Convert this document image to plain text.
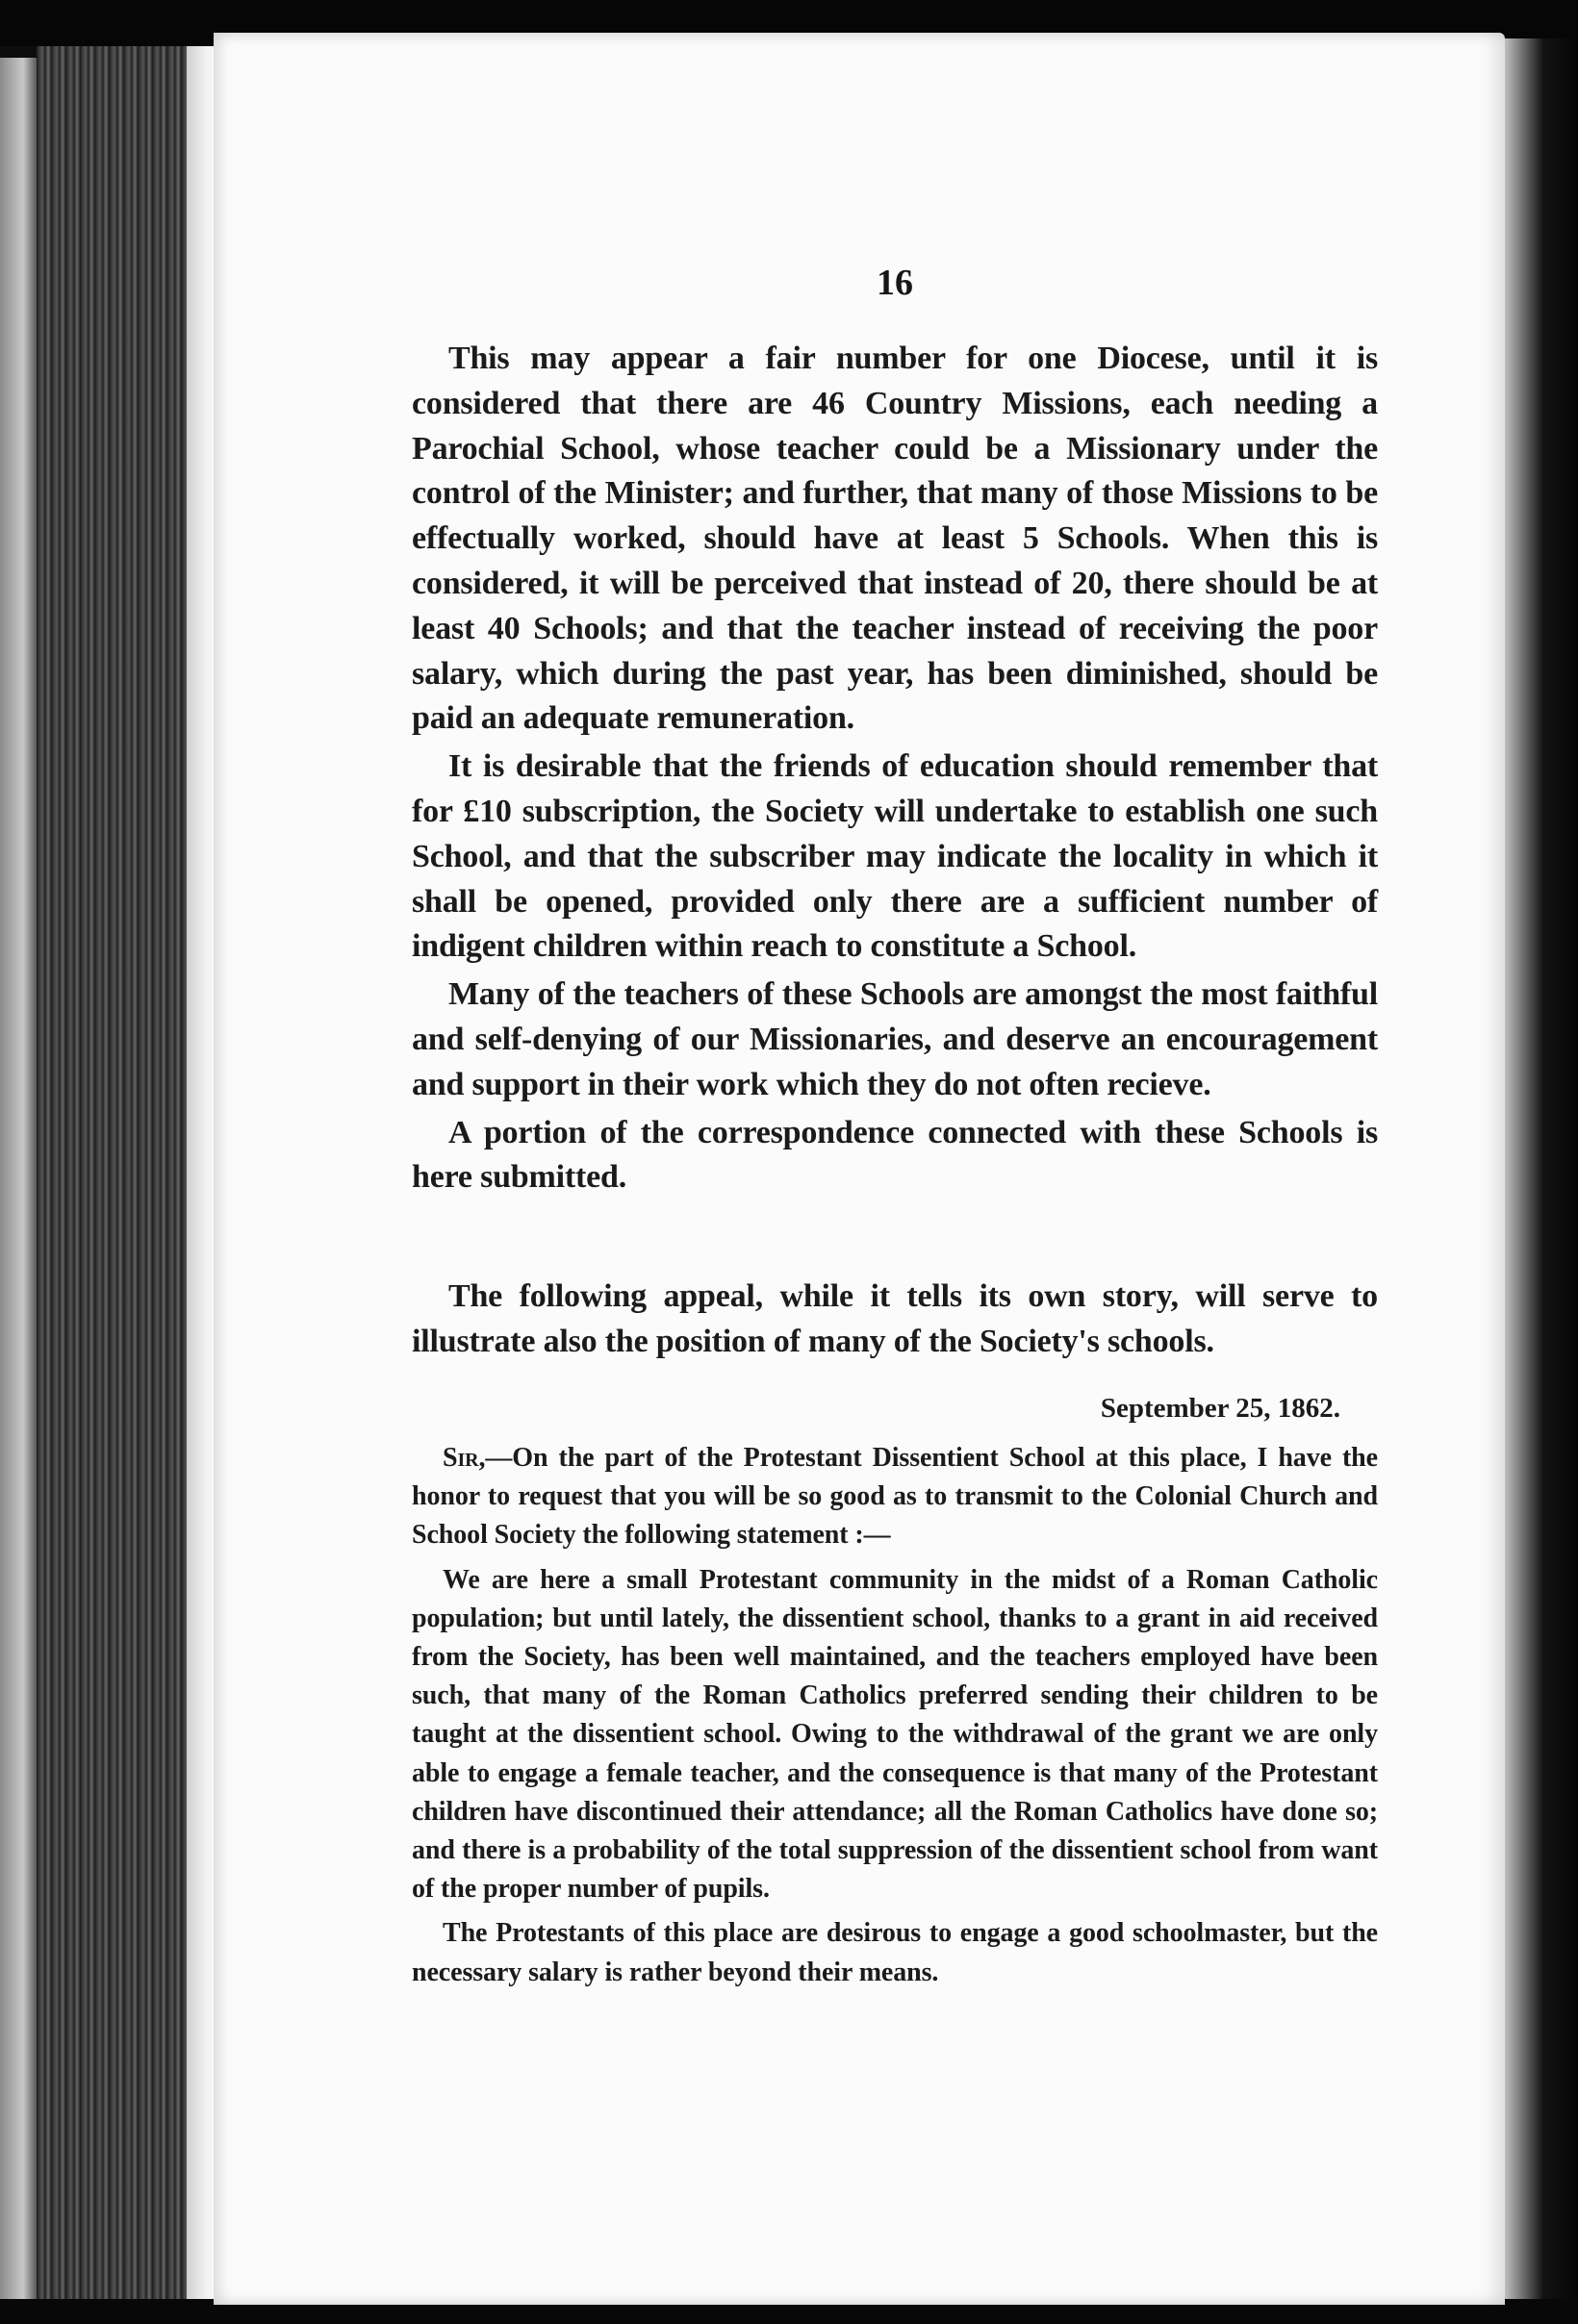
16

This may appear a fair number for one Diocese, until it is considered that there are 46 Country Missions, each needing a Parochial School, whose teacher could be a Missionary under the control of the Minister; and further, that many of those Missions to be effectually worked, should have at least 5 Schools. When this is considered, it will be perceived that instead of 20, there should be at least 40 Schools; and that the teacher instead of receiving the poor salary, which during the past year, has been diminished, should be paid an adequate remuneration.

It is desirable that the friends of education should remember that for £10 subscription, the Society will undertake to establish one such School, and that the subscriber may indicate the locality in which it shall be opened, provided only there are a sufficient number of indigent children within reach to constitute a School.

Many of the teachers of these Schools are amongst the most faithful and self-denying of our Missionaries, and deserve an encouragement and support in their work which they do not often recieve.

A portion of the correspondence connected with these Schools is here submitted.

The following appeal, while it tells its own story, will serve to illustrate also the position of many of the Society's schools.

September 25, 1862.

Sir,—On the part of the Protestant Dissentient School at this place, I have the honor to request that you will be so good as to transmit to the Colonial Church and School Society the following statement :—

We are here a small Protestant community in the midst of a Roman Catholic population; but until lately, the dissentient school, thanks to a grant in aid received from the Society, has been well maintained, and the teachers employed have been such, that many of the Roman Catholics preferred sending their children to be taught at the dissentient school. Owing to the withdrawal of the grant we are only able to engage a female teacher, and the consequence is that many of the Protestant children have discontinued their attendance; all the Roman Catholics have done so; and there is a probability of the total suppression of the dissentient school from want of the proper number of pupils.

The Protestants of this place are desirous to engage a good schoolmaster, but the necessary salary is rather beyond their means.
